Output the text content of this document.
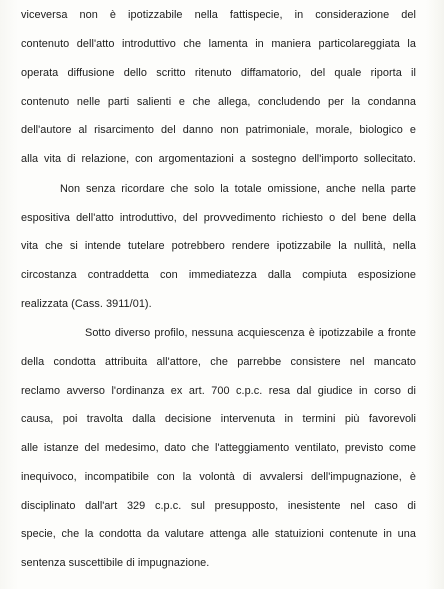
viceversa non è ipotizzabile nella fattispecie, in considerazione del
contenuto dell'atto introduttivo che lamenta in maniera particolareggiata la
operata diffusione dello scritto ritenuto diffamatorio, del quale riporta il
contenuto nelle parti salienti e che allega, concludendo per la condanna
dell'autore al risarcimento del danno non patrimoniale, morale, biologico e
alla vita di relazione, con argomentazioni a sostegno dell'importo sollecitato.
Non senza ricordare che solo la totale omissione, anche nella parte
espositiva dell'atto introduttivo, del provvedimento richiesto o del bene della
vita che si intende tutelare potrebbero rendere ipotizzabile la nullità, nella
circostanza contraddetta con immediatezza dalla compiuta esposizione
realizzata (Cass. 3911/01).
Sotto diverso profilo, nessuna acquiescenza è ipotizzabile a fronte
della condotta attribuita all'attore, che parrebbe consistere nel mancato
reclamo avverso l'ordinanza ex art. 700 c.p.c. resa dal giudice in corso di
causa, poi travolta dalla decisione intervenuta in termini più favorevoli
alle istanze del medesimo, dato che l'atteggiamento ventilato, previsto come
inequivoco, incompatibile con la volontà di avvalersi dell'impugnazione, è
disciplinato dall'art 329 c.p.c. sul presupposto, inesistente nel caso di
specie, che la condotta da valutare attenga alle statuizioni contenute in una
sentenza suscettibile di impugnazione.
